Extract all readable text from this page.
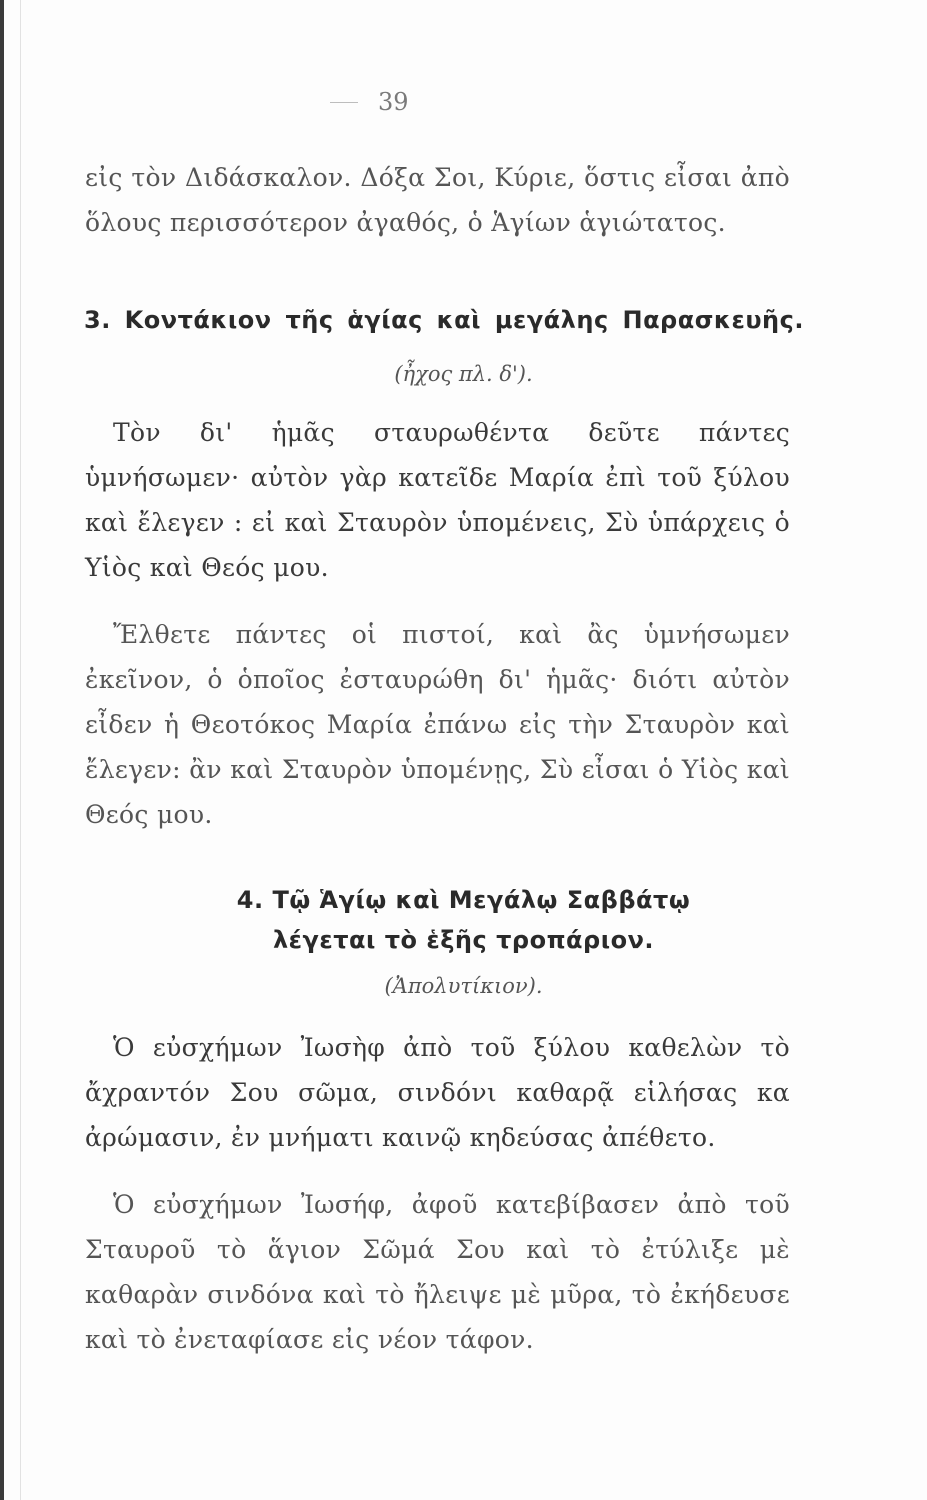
39
εἰς τὸν Διδάσκαλον. Δόξα Σοι, Κύριε, ὅστις εἶσαι ἀπὸ ὅλους περισσότερον ἀγαθός, ὁ Ἁγίων ἁγιώτατος.
3. Κοντάκιον τῆς ἁγίας καὶ μεγάλης Παρασκευῆς.
(ἦχος πλ. δ').
Τὸν δι' ἡμᾶς σταυρωθέντα δεῦτε πάντες ὑμνήσωμεν· αὐτὸν γὰρ κατεῖδε Μαρία ἐπὶ τοῦ ξύλου καὶ ἔλεγεν : εἰ καὶ Σταυρὸν ὑπομένεις, Σὺ ὑπάρχεις ὁ Υἱὸς καὶ Θεός μου.
Ἔλθετε πάντες οἱ πιστοί, καὶ ἂς ὑμνήσωμεν ἐκεῖνον, ὁ ὁποῖος ἐσταυρώθη δι' ἡμᾶς· διότι αὐτὸν εἶδεν ἡ Θεοτόκος Μαρία ἐπάνω εἰς τὴν Σταυρὸν καὶ ἔλεγεν: ἂν καὶ Σταυρὸν ὑπομένῃς, Σὺ εἶσαι ὁ Υἱὸς καὶ Θεός μου.
4. Τῷ Ἁγίῳ καὶ Μεγάλῳ Σαββάτῳ
λέγεται τὸ ἑξῆς τροπάριον.
(Ἀπολυτίκιον).
Ὁ εὐσχήμων Ἰωσὴφ ἀπὸ τοῦ ξύλου καθελὼν τὸ ἄχραντόν Σου σῶμα, σινδόνι καθαρᾷ εἱλήσας κα ἀρώμασιν, ἐν μνήματι καινῷ κηδεύσας ἀπέθετο.
Ὁ εὐσχήμων Ἰωσήφ, ἀφοῦ κατεβίβασεν ἀπὸ τοῦ Σταυροῦ τὸ ἅγιον Σῶμά Σου καὶ τὸ ἐτύλιξε μὲ καθαρὰν σινδόνα καὶ τὸ ἤλειψε μὲ μῦρα, τὸ ἐκήδευσε καὶ τὸ ἐνεταφίασε εἰς νέον τάφον.
